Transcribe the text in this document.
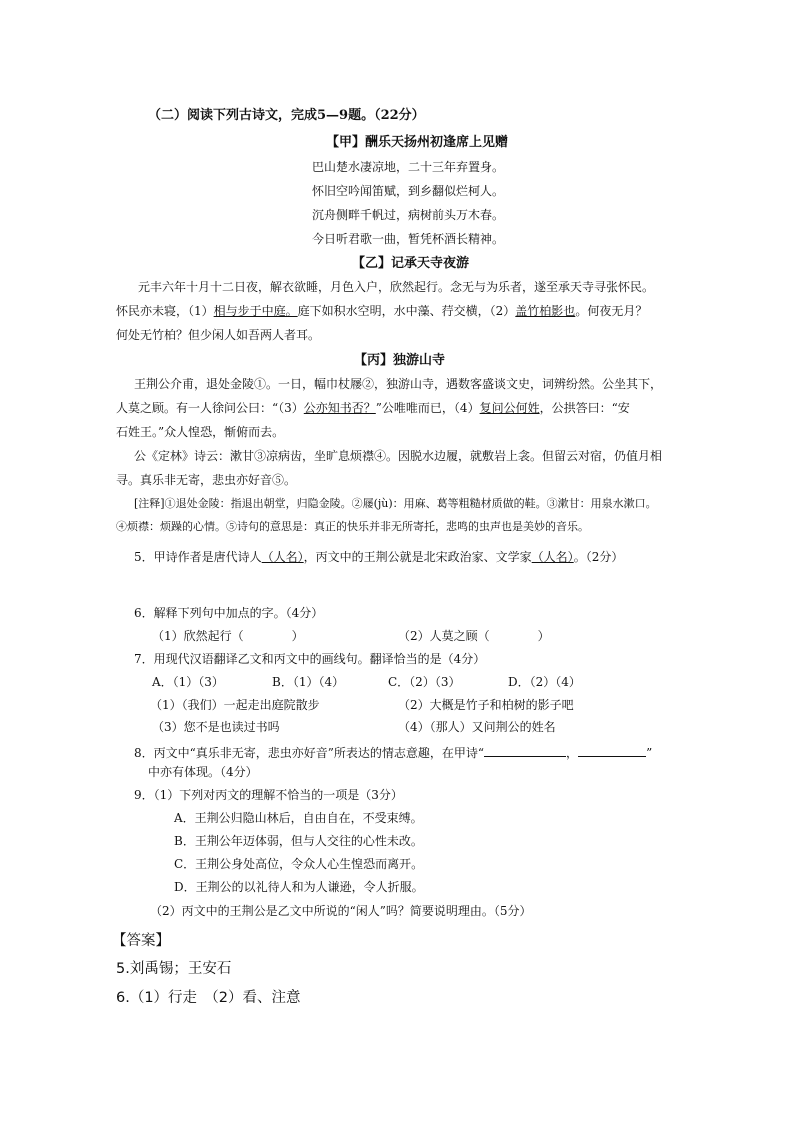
（二）阅读下列古诗文，完成5—9题。（22分）
【甲】酬乐天扬州初逢席上见赠
巴山楚水凄凉地，二十三年弃置身。
怀旧空吟闻笛赋，到乡翻似烂柯人。
沉舟侧畔千帆过，病树前头万木春。
今日听君歌一曲，暂凭杯酒长精神。
【乙】记承天寺夜游
元丰六年十月十二日夜，解衣欲睡，月色入户，欣然起行。念无与为乐者，遂至承天寺寻张怀民。
怀民亦未寝，（1）相与步于中庭。庭下如积水空明，水中藻、荇交横，（2）盖竹柏影也。何夜无月？
何处无竹柏？但少闲人如吾两人者耳。
【丙】独游山寺
王荆公介甫，退处金陵①。一日，幅巾杖屦②，独游山寺，遇数客盛谈文史，词辨纷然。公坐其下，
人莫之顾。有一人徐问公曰：“（3）公亦知书否？”公唯唯而已，（4）复问公何姓，公拱答曰：“安
石姓王。”众人惶恐，惭俯而去。
公《定林》诗云：漱甘③凉病齿，坐旷息烦襟④。因脱水边履，就敷岩上衾。但留云对宿，仍值月相
寻。真乐非无寄，悲虫亦好音⑤。
[注释]①退处金陵：指退出朝堂，归隐金陵。②屦(jù)：用麻、葛等粗糙材质做的鞋。③漱甘：用泉水漱口。
④烦襟：烦躁的心情。⑤诗句的意思是：真正的快乐并非无所寄托，悲鸣的虫声也是美妙的音乐。
5．甲诗作者是唐代诗人（人名），丙文中的王荆公就是北宋政治家、文学家（人名）。（2分）
6．解释下列句中加点的字。（4分）
（1）欣然起行（　　　　）	（2）人莫之顾（　　　　）
7．用现代汉语翻译乙文和丙文中的画线句。翻译恰当的是（4分）
A．（1）（3）	B．（1）（4）	C．（2）（3）	D．（2）（4）
（1）（我们）一起走出庭院散步	（2）大概是竹子和柏树的影子吧
（3）您不是也读过书吗	（4）（那人）又问荆公的姓名
8．丙文中“真乐非无寄，悲虫亦好音”所表达的情志意趣，在甲诗“	，	”
中亦有体现。（4分）
9．（1）下列对丙文的理解不恰当的一项是（3分）
A．王荆公归隐山林后，自由自在，不受束缚。
B．王荆公年迈体弱，但与人交往的心性未改。
C．王荆公身处高位，令众人心生惶恐而离开。
D．王荆公的以礼待人和为人谦逊，令人折服。
（2）丙文中的王荆公是乙文中所说的“闲人”吗？简要说明理由。（5分）
【答案】
5.刘禹锡；王安石
6.（1）行走　（2）看、注意
